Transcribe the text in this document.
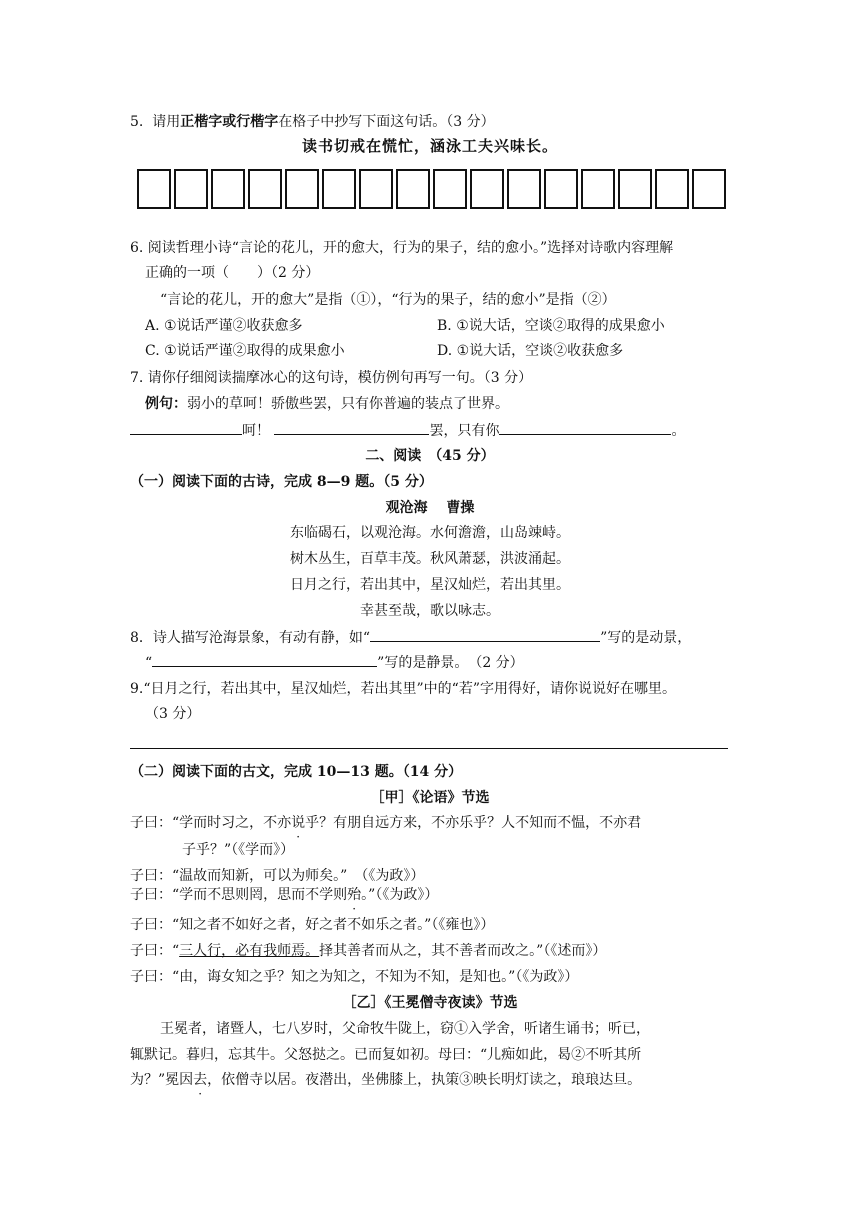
5. 请用正楷字或行楷字在格子中抄写下面这句话。（3 分）
读书切戒在慌忙，涵泳工夫兴味长。
6. 阅读哲理小诗“言论的花儿，开的愈大，行为的果子，结的愈小。”选择对诗歌内容理解
正确的一项（　　）（2 分）
“言论的花儿，开的愈大”是指（①），“行为的果子，结的愈小”是指（②）
A. ①说话严谨②收获愈多	B. ①说大话，空谈②取得的成果愈小
C. ①说话严谨②取得的成果愈小	D. ①说大话，空谈②收获愈多
7. 请你仔细阅读揣摩冰心的这句诗，模仿例句再写一句。（3 分）
例句：弱小的草呵！骄傲些罢，只有你普遍的装点了世界。
呵！	罢，只有你	。
二、阅读　（45 分）
（一）阅读下面的古诗，完成 8—9 题。（5 分）
观沧海　 曹操
东临碣石，以观沧海。水何澹澹，山岛竦峙。
树木丛生，百草丰茂。秋风萧瑟，洪波涌起。
日月之行，若出其中，星汉灿烂，若出其里。
幸甚至哉，歌以咏志。
8．诗人描写沧海景象，有动有静，如“	”写的是动景，
“	”写的是静景。　（2 分）
9.“日月之行，若出其中，星汉灿烂，若出其里”中的“若”字用得好，请你说说好在哪里。
（3 分）
（二）阅读下面的古文，完成 10—13 题。（14 分）
［甲］《论语》节选
子曰：“学而时习之，不亦说乎？有朋自远方来，不亦乐乎？人不知而不愠，不亦君
子乎？”（《学而》）
子曰：“温故而知新，可以为师矣。”　（《为政》）
子曰：“学而不思则罔，思而不学则殆。”（《为政》）
子曰：“知之者不如好之者，好之者不如乐之者。”（《雍也》）
子曰：“三人行，必有我师焉。择其善者而从之，其不善者而改之。”（《述而》）
子曰：“由，诲女知之乎？知之为知之，不知为不知，是知也。”（《为政》）
［乙］《王冕僧寺夜读》节选
王冕者，诸暨人，七八岁时，父命牧牛陇上，窃①入学舍，听诸生诵书；听已，
辄默记。暮归，忘其牛。父怒挞之。已而复如初。母曰：“儿痴如此，曷②不听其所
为？”冕因去，依僧寺以居。夜潜出，坐佛膝上，执策③映长明灯读之，琅琅达旦。
